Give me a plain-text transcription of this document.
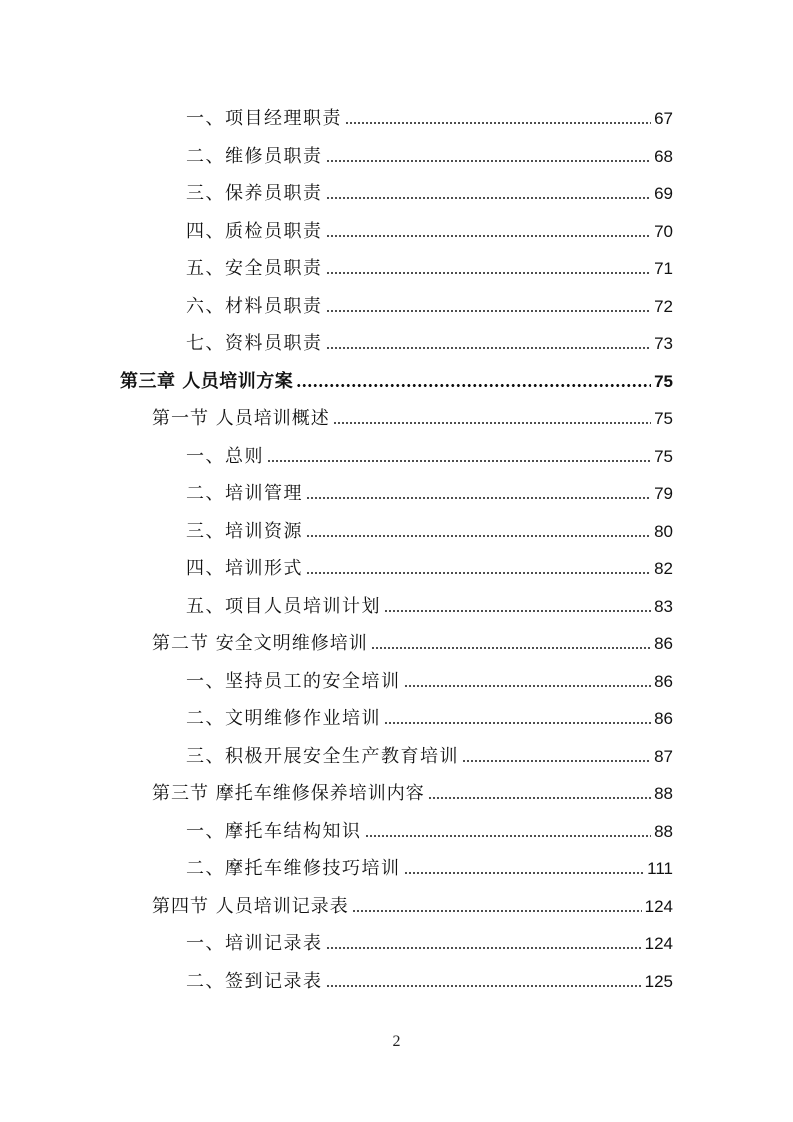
一、项目经理职责	67
二、维修员职责	68
三、保养员职责	69
四、质检员职责	70
五、安全员职责	71
六、材料员职责	72
七、资料员职责	73
第三章 人员培训方案	75
第一节 人员培训概述	75
一、总则	75
二、培训管理	79
三、培训资源	80
四、培训形式	82
五、项目人员培训计划	83
第二节 安全文明维修培训	86
一、坚持员工的安全培训	86
二、文明维修作业培训	86
三、积极开展安全生产教育培训	87
第三节 摩托车维修保养培训内容	88
一、摩托车结构知识	88
二、摩托车维修技巧培训	111
第四节 人员培训记录表	124
一、培训记录表	124
二、签到记录表	125
2
